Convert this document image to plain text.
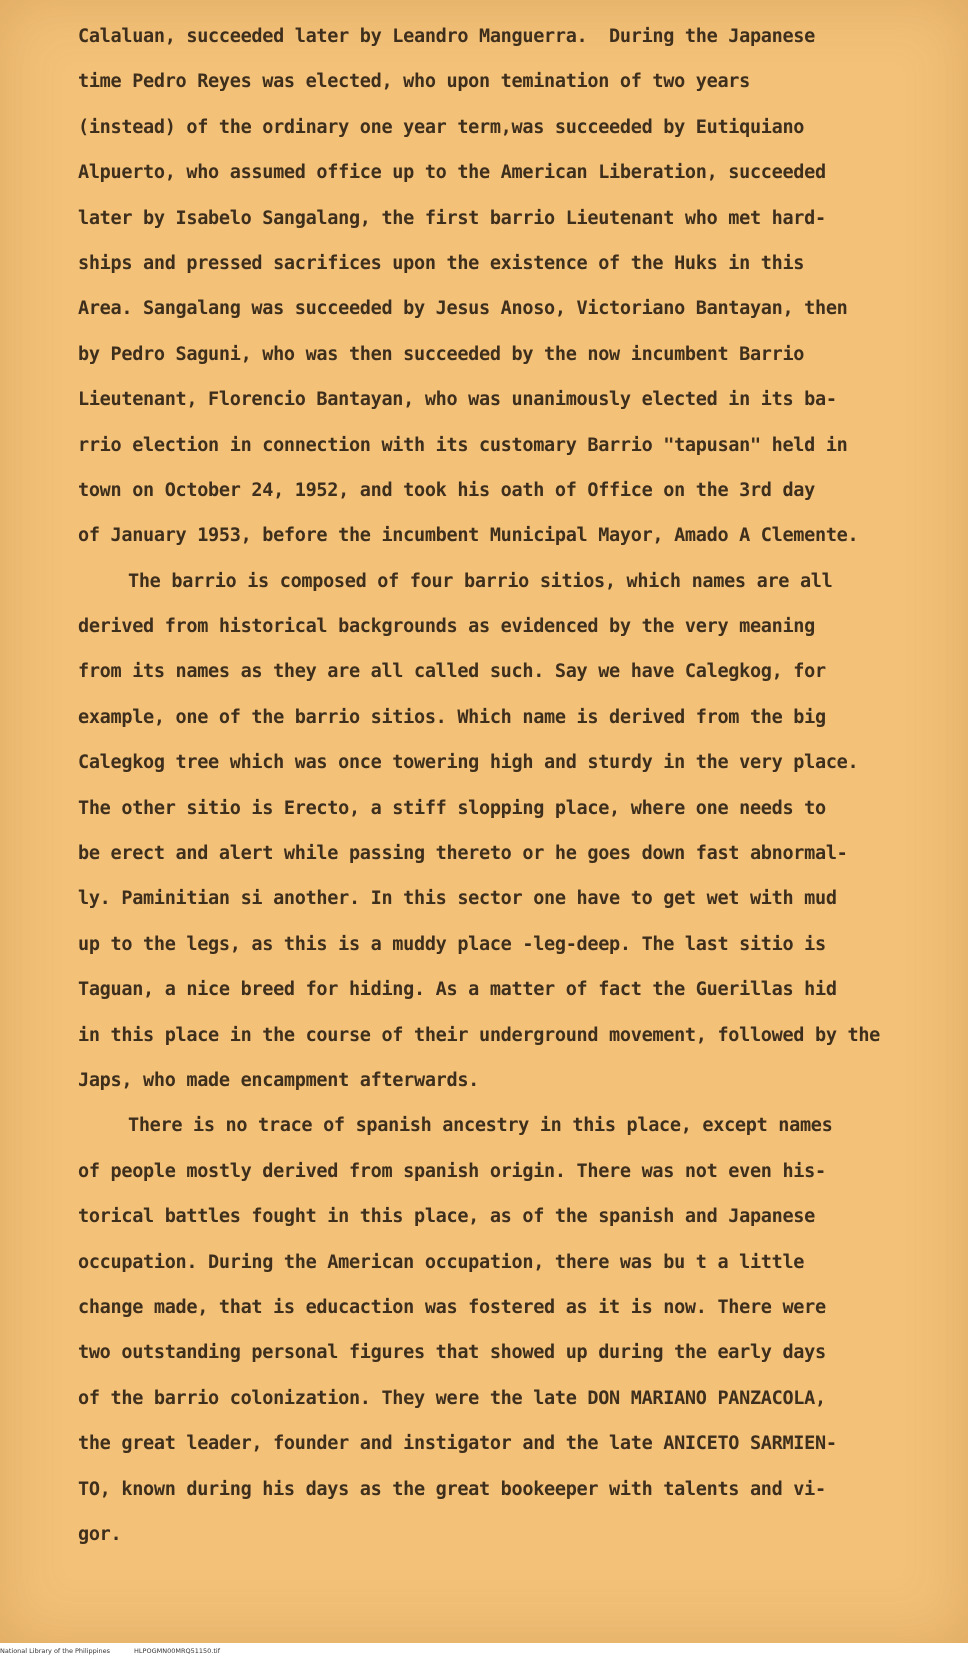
Calaluan, succeeded later by Leandro Manguerra.  During the Japanese
time Pedro Reyes was elected, who upon temination of two years
(instead) of the ordinary one year term,was succeeded by Eutiquiano
Alpuerto, who assumed office up to the American Liberation, succeeded
later by Isabelo Sangalang, the first barrio Lieutenant who met hard-
ships and pressed sacrifices upon the existence of the Huks in this
Area. Sangalang was succeeded by Jesus Anoso, Victoriano Bantayan, then
by Pedro Saguni, who was then succeeded by the now incumbent Barrio
Lieutenant, Florencio Bantayan, who was unanimously elected in its ba-
rrio election in connection with its customary Barrio "tapusan" held in
town on October 24, 1952, and took his oath of Office on the 3rd day
of January 1953, before the incumbent Municipal Mayor, Amado A Clemente.
The barrio is composed of four barrio sitios, which names are all
derived from historical backgrounds as evidenced by the very meaning
from its names as they are all called such. Say we have Calegkog, for
example, one of the barrio sitios. Which name is derived from the big
Calegkog tree which was once towering high and sturdy in the very place.
The other sitio is Erecto, a stiff slopping place, where one needs to
be erect and alert while passing thereto or he goes down fast abnormal-
ly. Paminitian si another. In this sector one have to get wet with mud
up to the legs, as this is a muddy place -leg-deep. The last sitio is
Taguan, a nice breed for hiding. As a matter of fact the Guerillas hid
in this place in the course of their underground movement, followed by the
Japs, who made encampment afterwards.
There is no trace of spanish ancestry in this place, except names
of people mostly derived from spanish origin. There was not even his-
torical battles fought in this place, as of the spanish and Japanese
occupation. During the American occupation, there was bu t a little
change made, that is educaction was fostered as it is now. There were
two outstanding personal figures that showed up during the early days
of the barrio colonization. They were the late DON MARIANO PANZACOLA,
the great leader, founder and instigator and the late ANICETO SARMIEN-
TO, known during his days as the great bookeeper with talents and vi-
gor.
National Library of the Philippines	HLPOGMN00MRQ51150.tif
